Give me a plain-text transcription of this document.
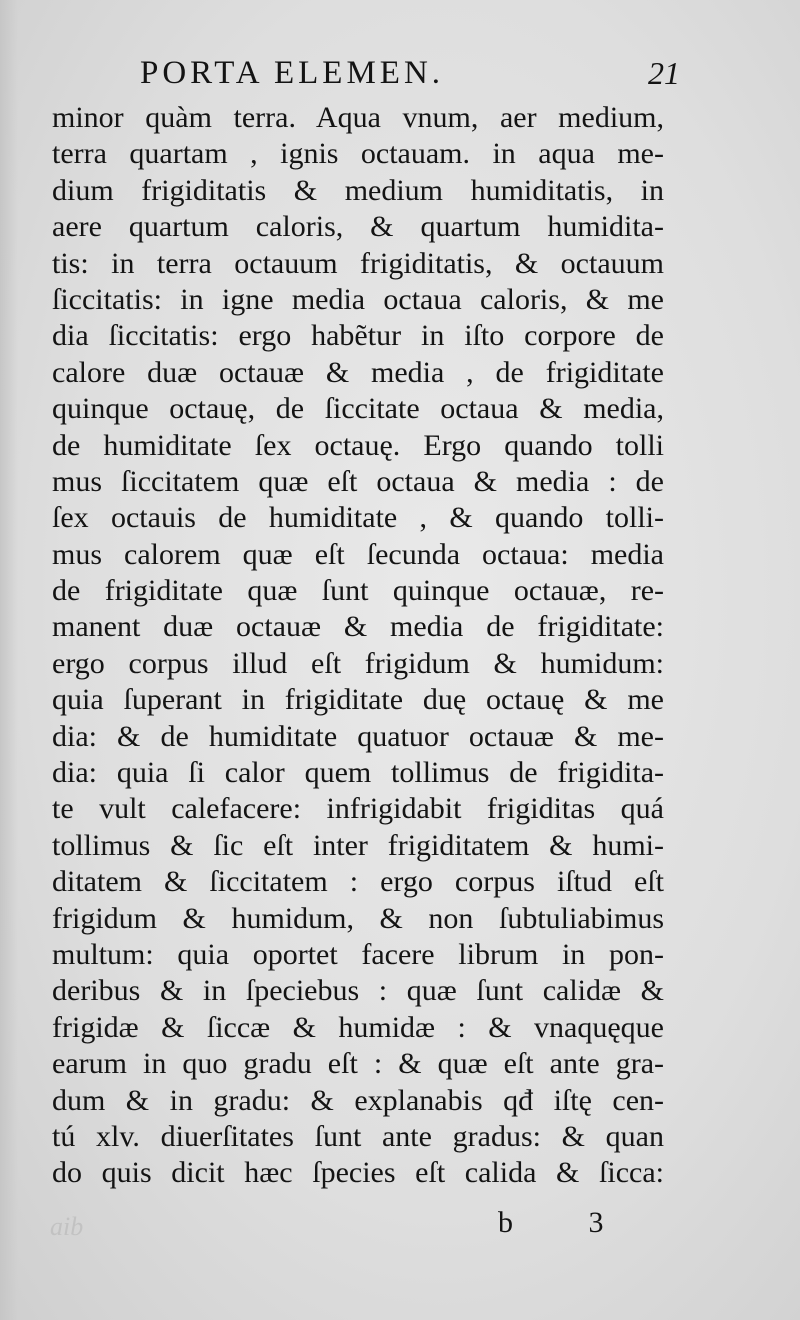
PORTA ELEMEN.	21
minor quàm terra. Aqua vnum, aer medium,
terra quartam , ignis octauam. in aqua me-
dium frigiditatis & medium humiditatis, in
aere quartum caloris, & quartum humidita-
tis: in terra octauum frigiditatis, & octauum
ſiccitatis: in igne media octaua caloris, & me
dia ſiccitatis: ergo habẽtur in iſto corpore de
calore duæ octauæ & media , de frigiditate
quinque octauę, de ſiccitate octaua & media,
de humiditate ſex octauę. Ergo quando tolli
mus ſiccitatem quæ eſt octaua & media : de
ſex octauis de humiditate , & quando tolli-
mus calorem quæ eſt ſecunda octaua: media
de frigiditate quæ ſunt quinque octauæ, re-
manent duæ octauæ & media de frigiditate:
ergo corpus illud eſt frigidum & humidum:
quia ſuperant in frigiditate duę octauę & me
dia: & de humiditate quatuor octauæ & me-
dia: quia ſi calor quem tollimus de frigidita-
te vult calefacere: infrigidabit frigiditas quá
tollimus & ſic eſt inter frigiditatem & humi-
ditatem & ſiccitatem : ergo corpus iſtud eſt
frigidum & humidum, & non ſubtuliabimus
multum: quia oportet facere librum in pon-
deribus & in ſpeciebus : quæ ſunt calidæ &
frigidæ & ſiccæ & humidæ : & vnaquęque
earum in quo gradu eſt : & quæ eſt ante gra-
dum & in gradu: & explanabis qđ iſtę cen-
tú xlv. diuerſitates ſunt ante gradus: & quan
do quis dicit hæc ſpecies eſt calida & ſicca:
aib	b 3
